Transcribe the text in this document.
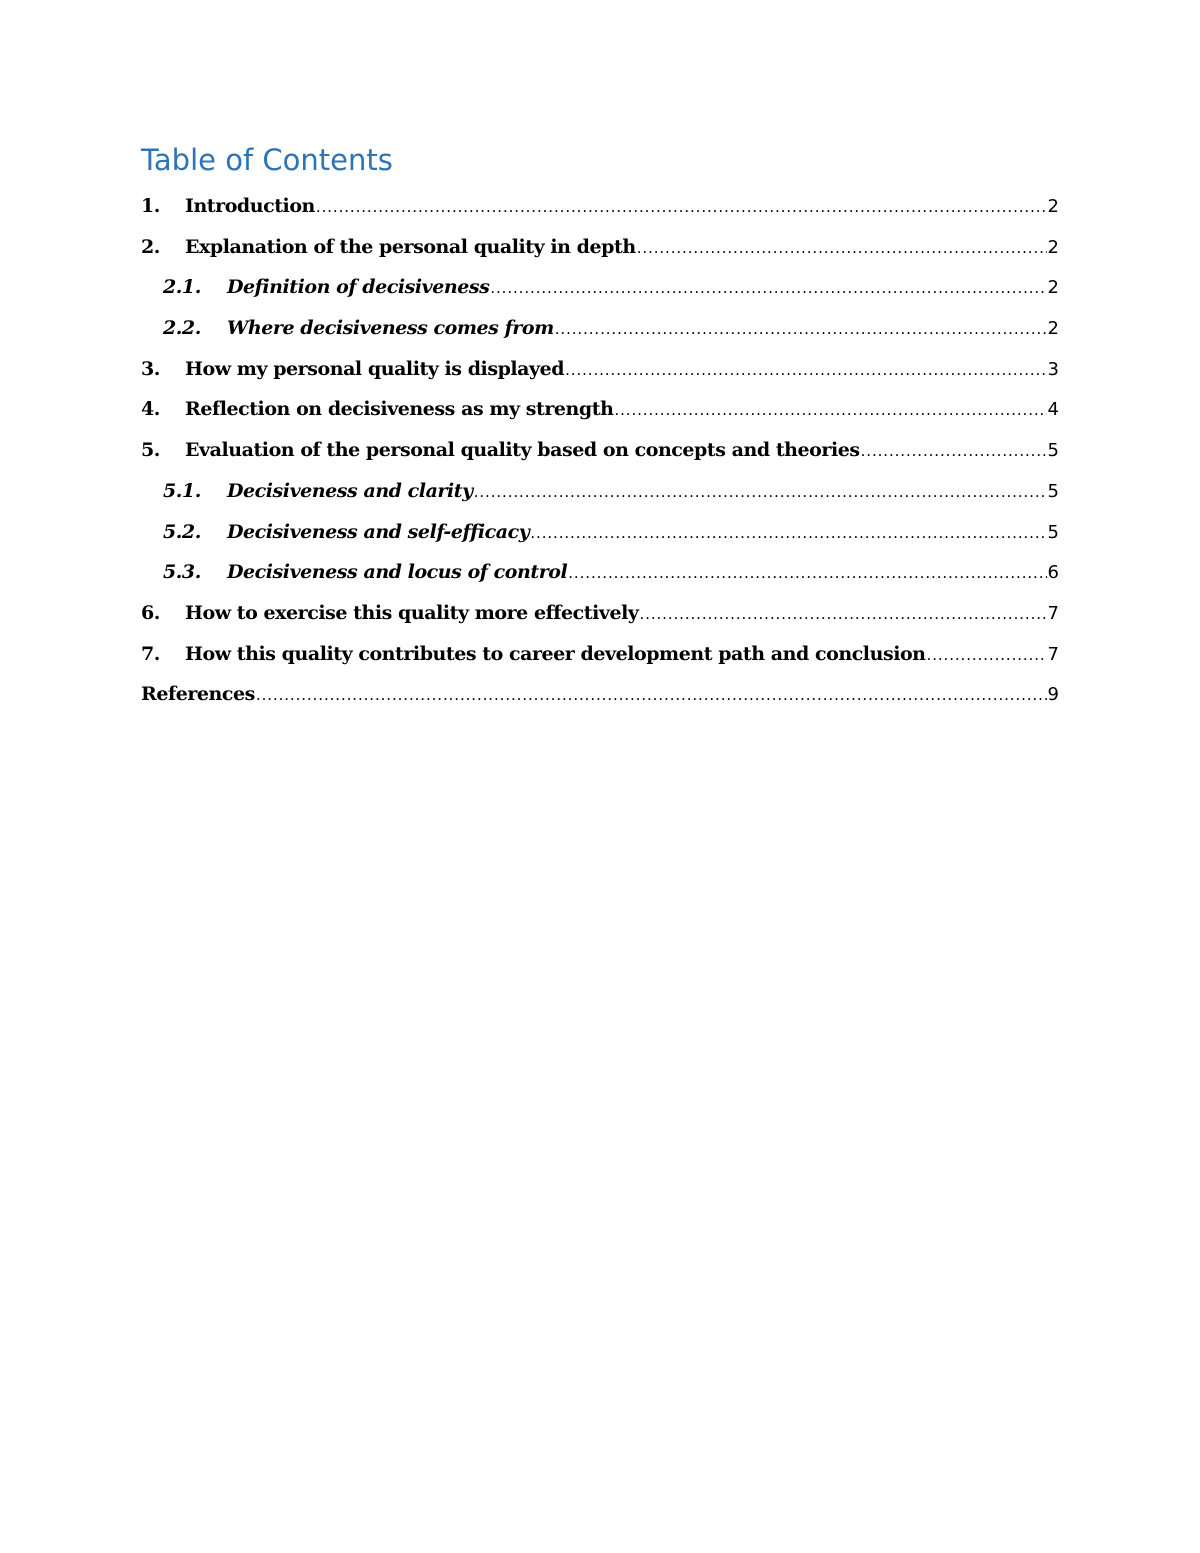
Table of Contents
1.	Introduction .....	2
2.	Explanation of the personal quality in depth .....	2
2.1.	Definition of decisiveness .....	2
2.2.	Where decisiveness comes from .....	2
3.	How my personal quality is displayed .....	3
4.	Reflection on decisiveness as my strength .....	4
5.	Evaluation of the personal quality based on concepts and theories .....	5
5.1.	Decisiveness and clarity .....	5
5.2.	Decisiveness and self-efficacy .....	5
5.3.	Decisiveness and locus of control .....	6
6.	How to exercise this quality more effectively .....	7
7.	How this quality contributes to career development path and conclusion .....	7
References .....	9
